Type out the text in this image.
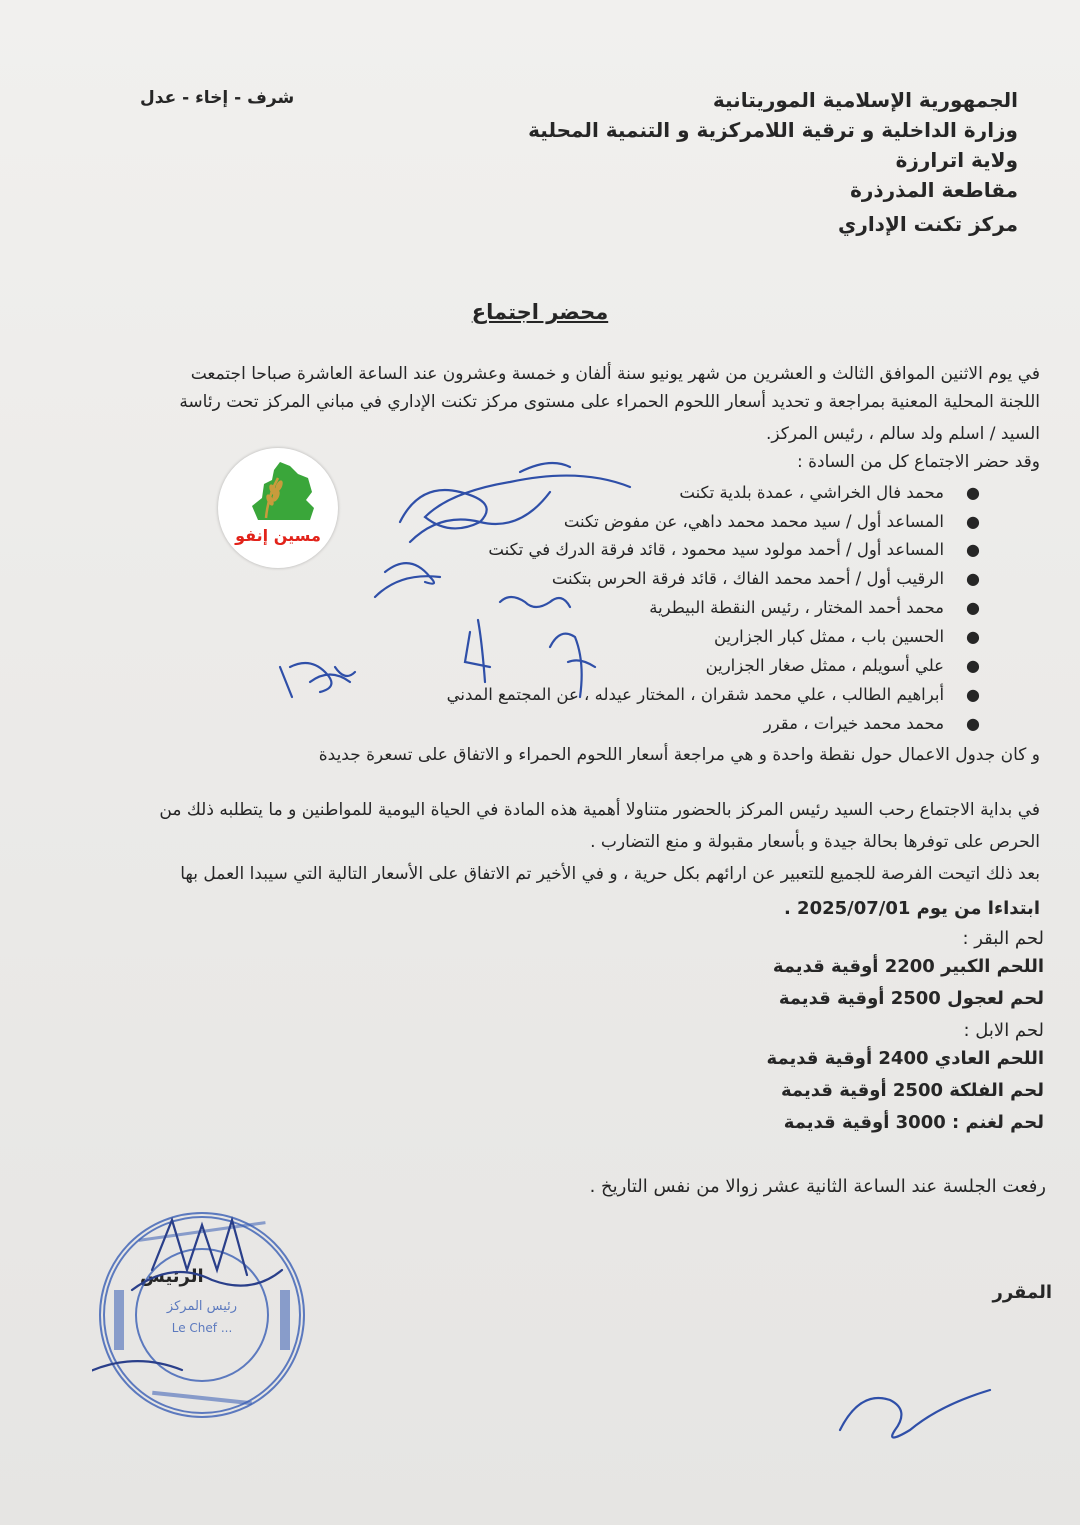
الجمهورية الإسلامية الموريتانية
وزارة الداخلية و ترقية اللامركزية و التنمية المحلية
ولاية اترارزة
مقاطعة المذرذرة
مركز تكنت الإداري
شرف - إخاء - عدل
محضر اجتماع
في يوم الاثنين الموافق الثالث و العشرين من شهر يونيو سنة ألفان و خمسة وعشرون عند الساعة العاشرة صباحا اجتمعت
اللجنة المحلية المعنية بمراجعة و تحديد أسعار اللحوم الحمراء على مستوى مركز تكنت الإداري في مباني المركز تحت رئاسة
السيد / اسلم ولد سالم ، رئيس المركز.
وقد حضر الاجتماع كل من السادة :
●
محمد فال الخراشي ، عمدة بلدية تكنت
●
المساعد أول / سيد محمد محمد داهي، عن مفوض تكنت
●
المساعد أول / أحمد مولود سيد محمود ، قائد فرقة الدرك في تكنت
●
الرقيب أول / أحمد محمد الفاك ، قائد فرقة الحرس بتكنت
●
محمد أحمد المختار ، رئيس النقطة البيطرية
●
الحسين باب ، ممثل كبار الجزارين
●
علي أسويلم ، ممثل صغار الجزارين
●
أبراهيم الطالب ، علي محمد شقران ، المختار عيدله ، عن المجتمع المدني
●
محمد محمد خيرات ، مقرر
و كان جدول الاعمال حول نقطة واحدة و هي مراجعة أسعار اللحوم الحمراء و الاتفاق على تسعرة جديدة
في بداية الاجتماع رحب السيد رئيس المركز بالحضور متناولا أهمية هذه المادة في الحياة اليومية للمواطنين و ما يتطلبه ذلك من
الحرص على توفرها بحالة جيدة و بأسعار مقبولة و منع التضارب .
بعد ذلك اتيحت الفرصة للجميع للتعبير عن ارائهم بكل حرية ، و في الأخير تم الاتفاق على الأسعار التالية التي سيبدا العمل بها
ابتداءا من يوم 2025/07/01 .
لحم البقر :
اللحم الكبير 2200 أوقية قديمة
لحم لعجول 2500 أوقية قديمة
لحم الابل :
اللحم العادي 2400 أوقية قديمة
لحم الفلكة 2500 أوقية قديمة
لحم لغنم : 3000 أوقية قديمة
رفعت الجلسة عند الساعة الثانية عشر زوالا من نفس التاريخ .
الرئيس
المقرر
مسين إنفو
رئيس المركز
Le Chef ...
